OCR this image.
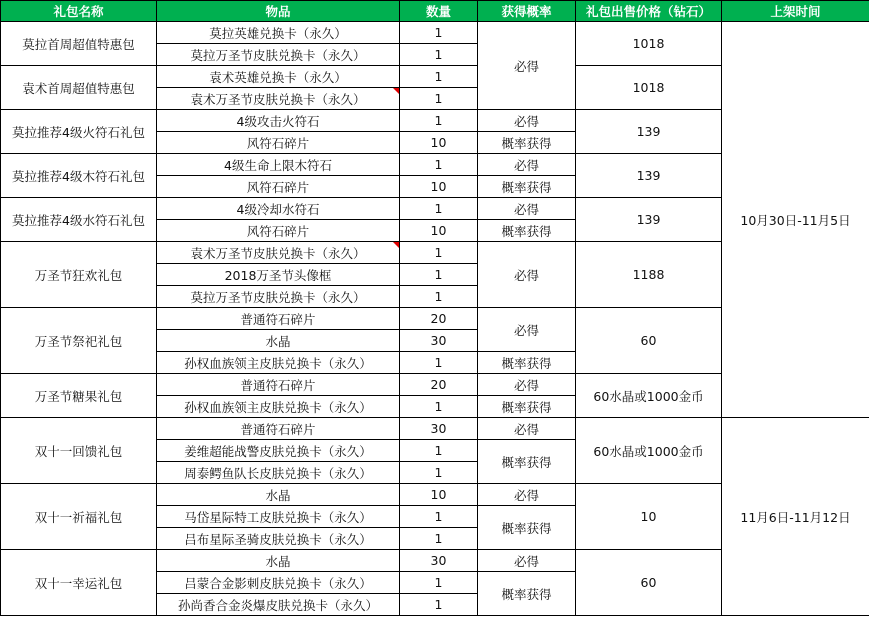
礼包名称	物品	数量	获得概率	礼包出售价格（钻石）	上架时间
莫拉首周超值特惠包	莫拉英雄兑换卡（永久）	1	必得	1018	10月30日-11月5日
	莫拉万圣节皮肤兑换卡（永久）	1			
袁术首周超值特惠包	袁术英雄兑换卡（永久）	1		1018	
	袁术万圣节皮肤兑换卡（永久）	1			
莫拉推荐4级火符石礼包	4级攻击火符石	1	必得	139	
	风符石碎片	10	概率获得		
莫拉推荐4级木符石礼包	4级生命上限木符石	1	必得	139	
	风符石碎片	10	概率获得		
莫拉推荐4级水符石礼包	4级冷却水符石	1	必得	139	
	风符石碎片	10	概率获得		
万圣节狂欢礼包	袁术万圣节皮肤兑换卡（永久）	1	必得	1188	
	2018万圣节头像框	1			
	莫拉万圣节皮肤兑换卡（永久）	1			
万圣节祭祀礼包	普通符石碎片	20	必得	60	
	水晶	30			
	孙权血族领主皮肤兑换卡（永久）	1	概率获得		
万圣节糖果礼包	普通符石碎片	20	必得	60水晶或1000金币	
	孙权血族领主皮肤兑换卡（永久）	1	概率获得		
双十一回馈礼包	普通符石碎片	30	必得	60水晶或1000金币	11月6日-11月12日
	姜维超能战警皮肤兑换卡（永久）	1	概率获得		
	周泰鳄鱼队长皮肤兑换卡（永久）	1			
双十一祈福礼包	水晶	10	必得	10	
	马岱星际特工皮肤兑换卡（永久）	1	概率获得		
	吕布星际圣骑皮肤兑换卡（永久）	1			
双十一幸运礼包	水晶	30	必得	60	
	吕蒙合金影刺皮肤兑换卡（永久）	1	概率获得		
	孙尚香合金炎爆皮肤兑换卡（永久）	1			
